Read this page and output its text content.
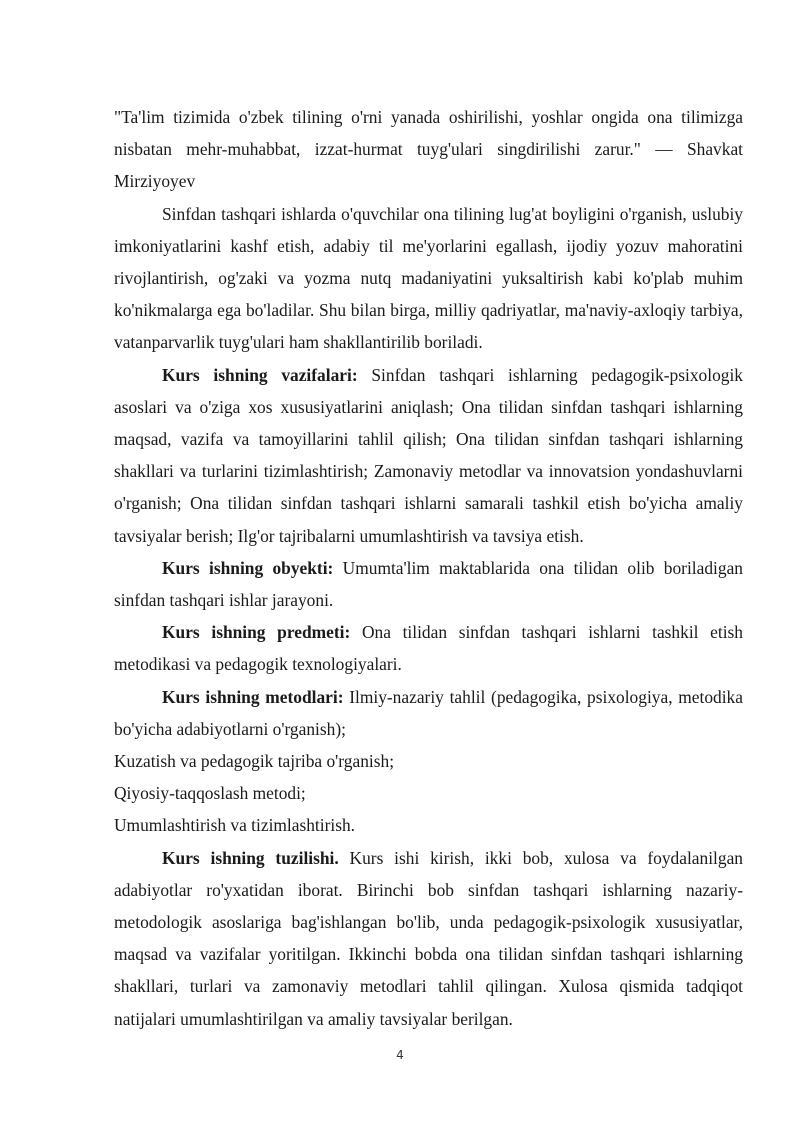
"Ta'lim tizimida o'zbek tilining o'rni yanada oshirilishi, yoshlar ongida ona tilimizga nisbatan mehr-muhabbat, izzat-hurmat tuyg'ulari singdirilishi zarur." — Shavkat Mirziyoyev

Sinfdan tashqari ishlarda o'quvchilar ona tilining lug'at boyligini o'rganish, uslubiy imkoniyatlarini kashf etish, adabiy til me'yorlarini egallash, ijodiy yozuv mahoratini rivojlantirish, og'zaki va yozma nutq madaniyatini yuksaltirish kabi ko'plab muhim ko'nikmalarga ega bo'ladilar. Shu bilan birga, milliy qadriyatlar, ma'naviy-axloqiy tarbiya, vatanparvarlik tuyg'ulari ham shakllantirilib boriladi.

Kurs ishning vazifalari: Sinfdan tashqari ishlarning pedagogik-psixologik asoslari va o'ziga xos xususiyatlarini aniqlash; Ona tilidan sinfdan tashqari ishlarning maqsad, vazifa va tamoyillarini tahlil qilish; Ona tilidan sinfdan tashqari ishlarning shakllari va turlarini tizimlashtirish; Zamonaviy metodlar va innovatsion yondashuvlarni o'rganish; Ona tilidan sinfdan tashqari ishlarni samarali tashkil etish bo'yicha amaliy tavsiyalar berish; Ilg'or tajribalarni umumlashtirish va tavsiya etish.

Kurs ishning obyekti: Umumta'lim maktablarida ona tilidan olib boriladigan sinfdan tashqari ishlar jarayoni.

Kurs ishning predmeti: Ona tilidan sinfdan tashqari ishlarni tashkil etish metodikasi va pedagogik texnologiyalari.

Kurs ishning metodlari: Ilmiy-nazariy tahlil (pedagogika, psixologiya, metodika bo'yicha adabiyotlarni o'rganish);

Kuzatish va pedagogik tajriba o'rganish;

Qiyosiy-taqqoslash metodi;

Umumlashtirish va tizimlashtirish.

Kurs ishning tuzilishi. Kurs ishi kirish, ikki bob, xulosa va foydalanilgan adabiyotlar ro'yxatidan iborat. Birinchi bob sinfdan tashqari ishlarning nazariy-metodologik asoslariga bag'ishlangan bo'lib, unda pedagogik-psixologik xususiyatlar, maqsad va vazifalar yoritilgan. Ikkinchi bobda ona tilidan sinfdan tashqari ishlarning shakllari, turlari va zamonaviy metodlari tahlil qilingan. Xulosa qismida tadqiqot natijalari umumlashtirilgan va amaliy tavsiyalar berilgan.

4
